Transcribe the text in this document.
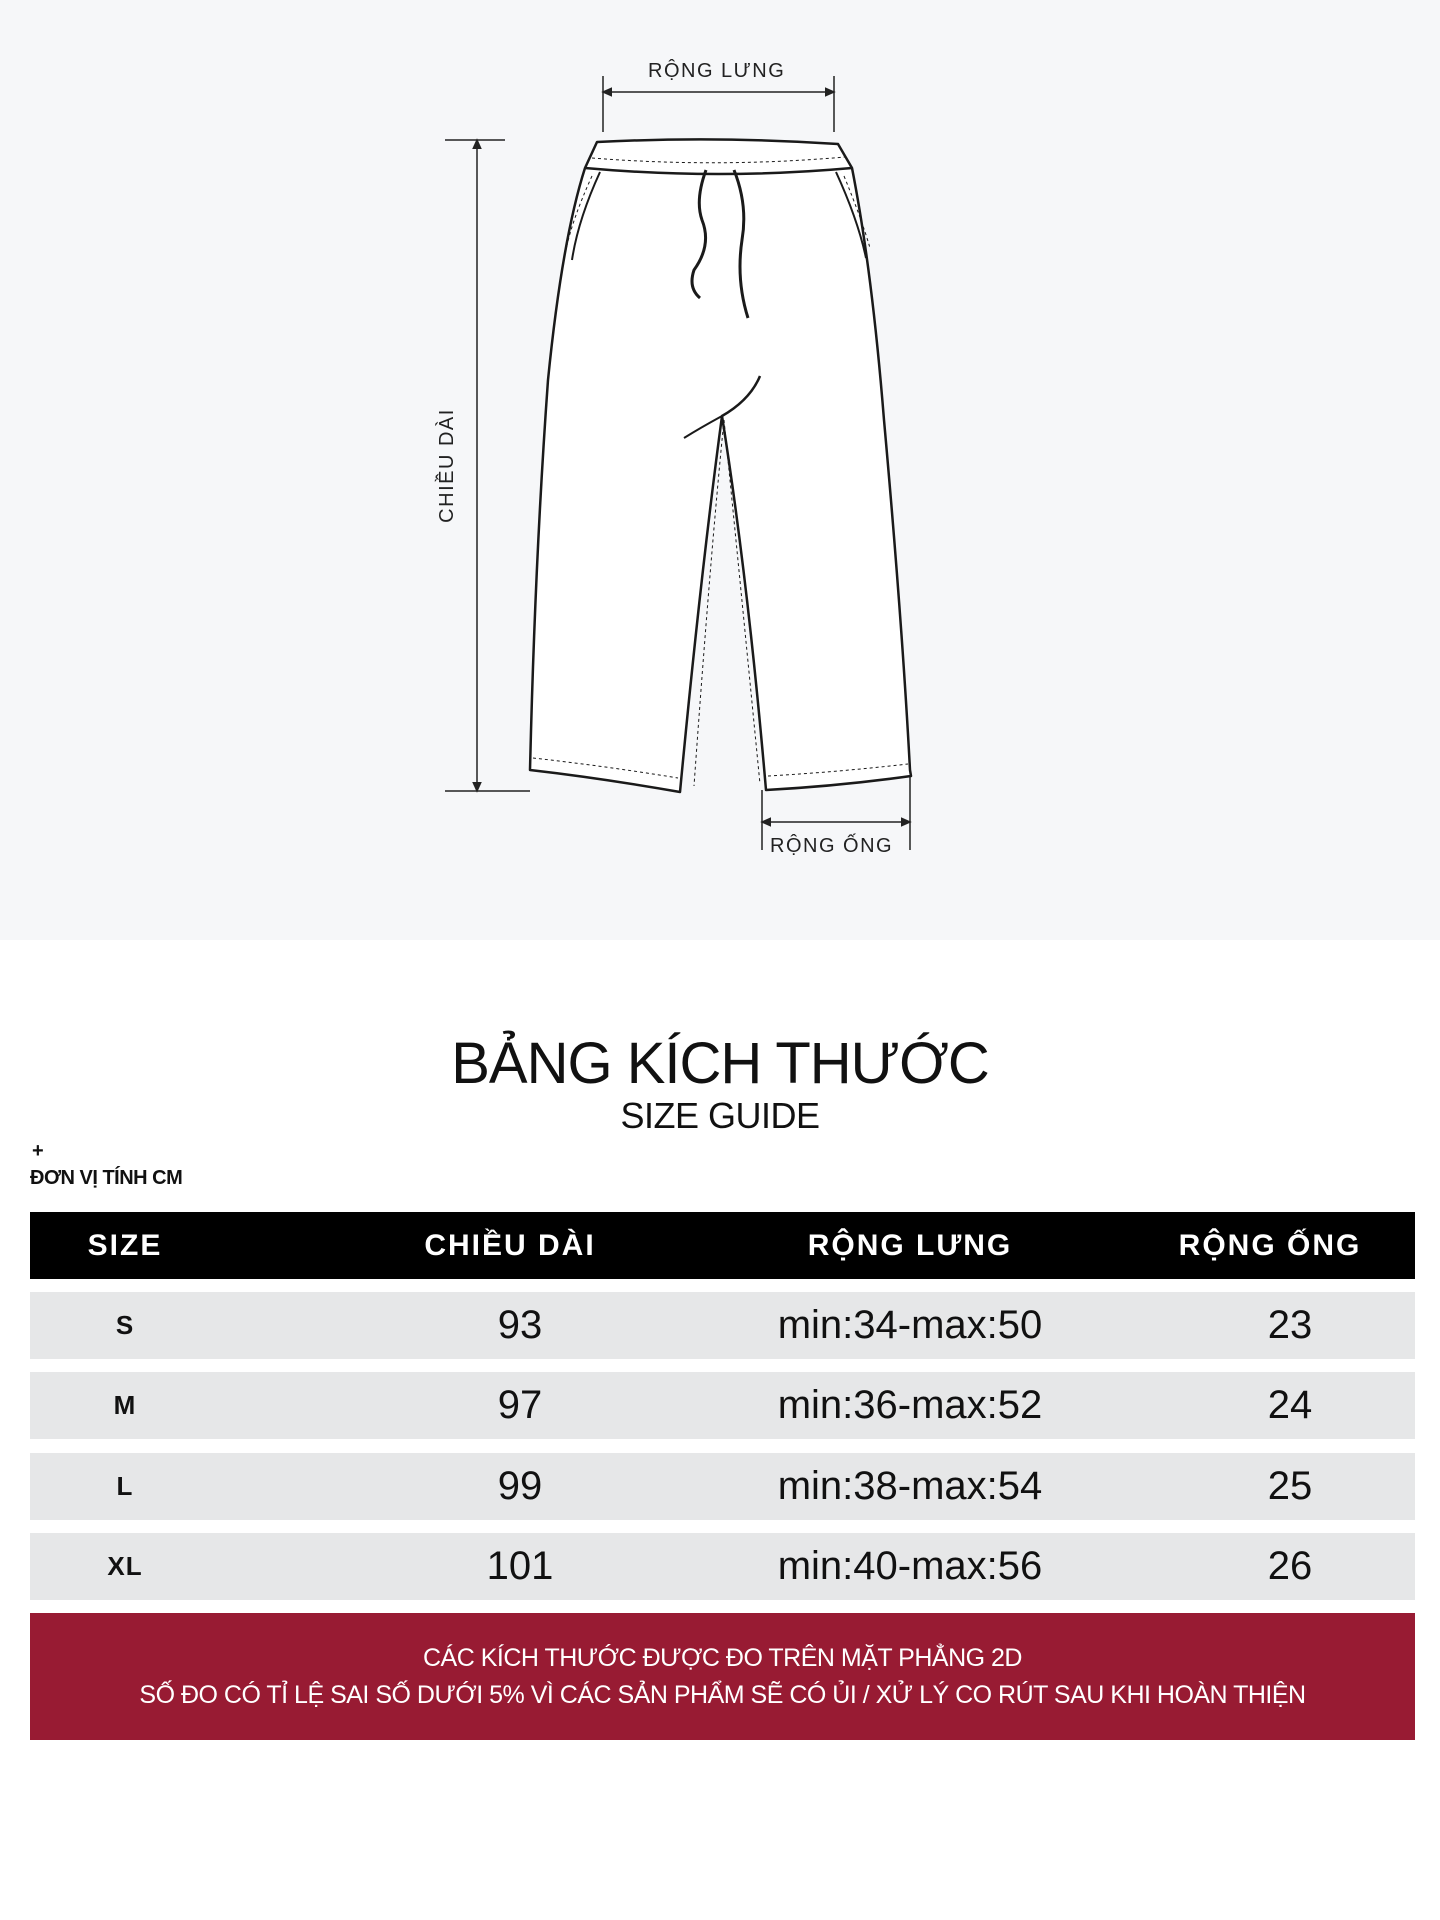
RỘNG LƯNG
CHIỀU DÀI
RỘNG ỐNG
BẢNG KÍCH THƯỚC
SIZE GUIDE
+
ĐƠN VỊ TÍNH CM
SIZE	CHIỀU DÀI	RỘNG LƯNG	RỘNG ỐNG
S	93	min:34-max:50	23
M	97	min:36-max:52	24
L	99	min:38-max:54	25
XL	101	min:40-max:56	26
CÁC KÍCH THƯỚC ĐƯỢC ĐO TRÊN MẶT PHẲNG 2D
SỐ ĐO CÓ TỈ LỆ SAI SỐ DƯỚI 5% VÌ CÁC SẢN PHẨM SẼ CÓ ỦI / XỬ LÝ CO RÚT SAU KHI HOÀN THIỆN
